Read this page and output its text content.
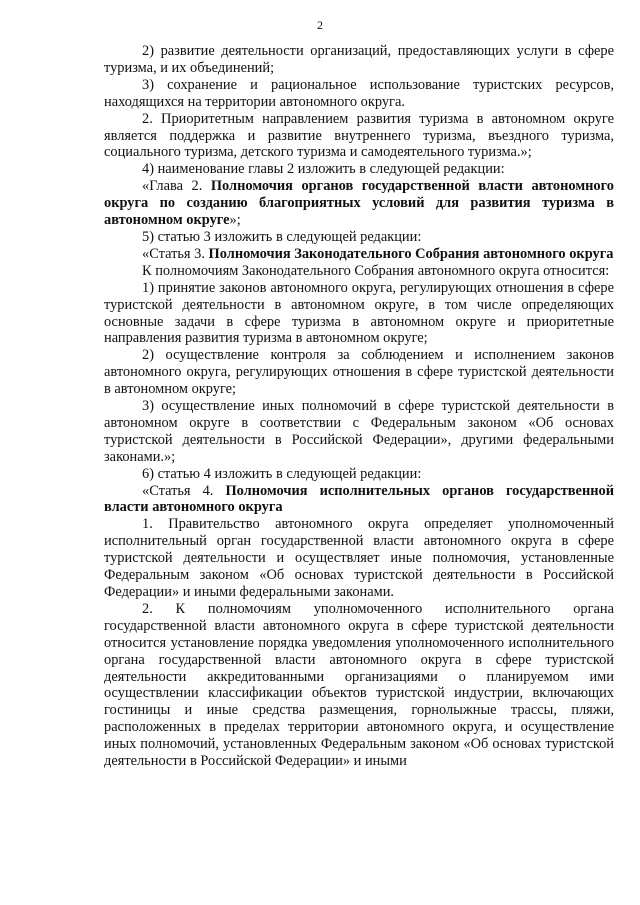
2

2) развитие деятельности организаций, предоставляющих услуги в сфере туризма, и их объединений;

3) сохранение и рациональное использование туристских ресурсов, находящихся на территории автономного округа.

2. Приоритетным направлением развития туризма в автономном округе является поддержка и развитие внутреннего туризма, въездного туризма, социального туризма, детского туризма и самодеятельного туризма.»;

4) наименование главы 2 изложить в следующей редакции:

«Глава 2. Полномочия органов государственной власти автономного округа по созданию благоприятных условий для развития туризма в автономном округе»;

5) статью 3 изложить в следующей редакции:

«Статья 3. Полномочия Законодательного Собрания автономного округа

К полномочиям Законодательного Собрания автономного округа относится:

1) принятие законов автономного округа, регулирующих отношения в сфере туристской деятельности в автономном округе, в том числе определяющих основные задачи в сфере туризма в автономном округе и приоритетные направления развития туризма в автономном округе;

2) осуществление контроля за соблюдением и исполнением законов автономного округа, регулирующих отношения в сфере туристской деятельности в автономном округе;

3) осуществление иных полномочий в сфере туристской деятельности в автономном округе в соответствии с Федеральным законом «Об основах туристской деятельности в Российской Федерации», другими федеральными законами.»;

6) статью 4 изложить в следующей редакции:

«Статья 4. Полномочия исполнительных органов государственной власти автономного округа

1. Правительство автономного округа определяет уполномоченный исполнительный орган государственной власти автономного округа в сфере туристской деятельности и осуществляет иные полномочия, установленные Федеральным законом «Об основах туристской деятельности в Российской Федерации» и иными федеральными законами.

2. К полномочиям уполномоченного исполнительного органа государственной власти автономного округа в сфере туристской деятельности относится установление порядка уведомления уполномоченного исполнительного органа государственной власти автономного округа в сфере туристской деятельности аккредитованными организациями о планируемом ими осуществлении классификации объектов туристской индустрии, включающих гостиницы и иные средства размещения, горнолыжные трассы, пляжи, расположенных в пределах территории автономного округа, и осуществление иных полномочий, установленных Федеральным законом «Об основах туристской деятельности в Российской Федерации» и иными
